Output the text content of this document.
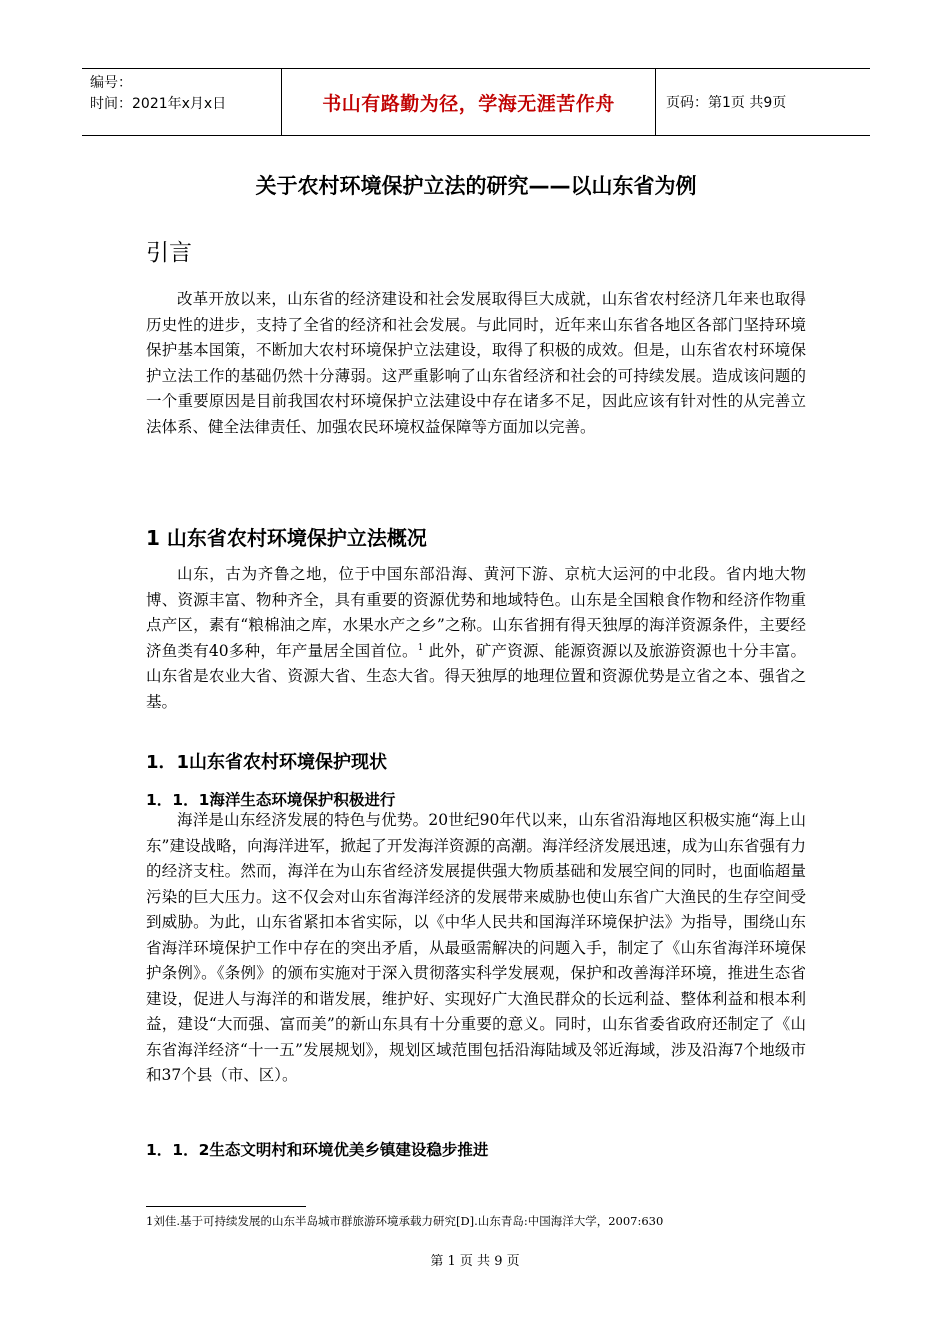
编号：
时间：2021年x月x日	书山有路勤为径，学海无涯苦作舟	页码：第1页 共9页
关于农村环境保护立法的研究——以山东省为例
引言

改革开放以来，山东省的经济建设和社会发展取得巨大成就，山东省农村经济几年来也取得历史性的进步，支持了全省的经济和社会发展。与此同时，近年来山东省各地区各部门坚持环境保护基本国策，不断加大农村环境保护立法建设，取得了积极的成效。但是，山东省农村环境保护立法工作的基础仍然十分薄弱。这严重影响了山东省经济和社会的可持续发展。造成该问题的一个重要原因是目前我国农村环境保护立法建设中存在诸多不足，因此应该有针对性的从完善立法体系、健全法律责任、加强农民环境权益保障等方面加以完善。

1 山东省农村环境保护立法概况

山东，古为齐鲁之地，位于中国东部沿海、黄河下游、京杭大运河的中北段。省内地大物博、资源丰富、物种齐全，具有重要的资源优势和地域特色。山东是全国粮食作物和经济作物重点产区，素有“粮棉油之库，水果水产之乡”之称。山东省拥有得天独厚的海洋资源条件，主要经济鱼类有40多种，年产量居全国首位。$^1$ 此外，矿产资源、能源资源以及旅游资源也十分丰富。山东省是农业大省、资源大省、生态大省。得天独厚的地理位置和资源优势是立省之本、强省之基。

1．1山东省农村环境保护现状
1．1．1海洋生态环境保护积极进行

海洋是山东经济发展的特色与优势。20世纪90年代以来，山东省沿海地区积极实施“海上山东”建设战略，向海洋进军，掀起了开发海洋资源的高潮。海洋经济发展迅速，成为山东省强有力的经济支柱。然而，海洋在为山东省经济发展提供强大物质基础和发展空间的同时，也面临超量污染的巨大压力。这不仅会对山东省海洋经济的发展带来威胁也使山东省广大渔民的生存空间受到威胁。为此，山东省紧扣本省实际，以《中华人民共和国海洋环境保护法》为指导，围绕山东省海洋环境保护工作中存在的突出矛盾，从最亟需解决的问题入手，制定了《山东省海洋环境保护条例》。《条例》的颁布实施对于深入贯彻落实科学发展观，保护和改善海洋环境，推进生态省建设，促进人与海洋的和谐发展，维护好、实现好广大渔民群众的长远利益、整体利益和根本利益，建设“大而强、富而美”的新山东具有十分重要的意义。同时，山东省委省政府还制定了《山东省海洋经济“十一五”发展规划》，规划区域范围包括沿海陆域及邻近海域，涉及沿海7个地级市和37个县（市、区）。

1．1．2生态文明村和环境优美乡镇建设稳步推进
1刘佳.基于可持续发展的山东半岛城市群旅游环境承载力研究[D].山东青岛:中国海洋大学，2007:630
第 1 页 共 9 页
